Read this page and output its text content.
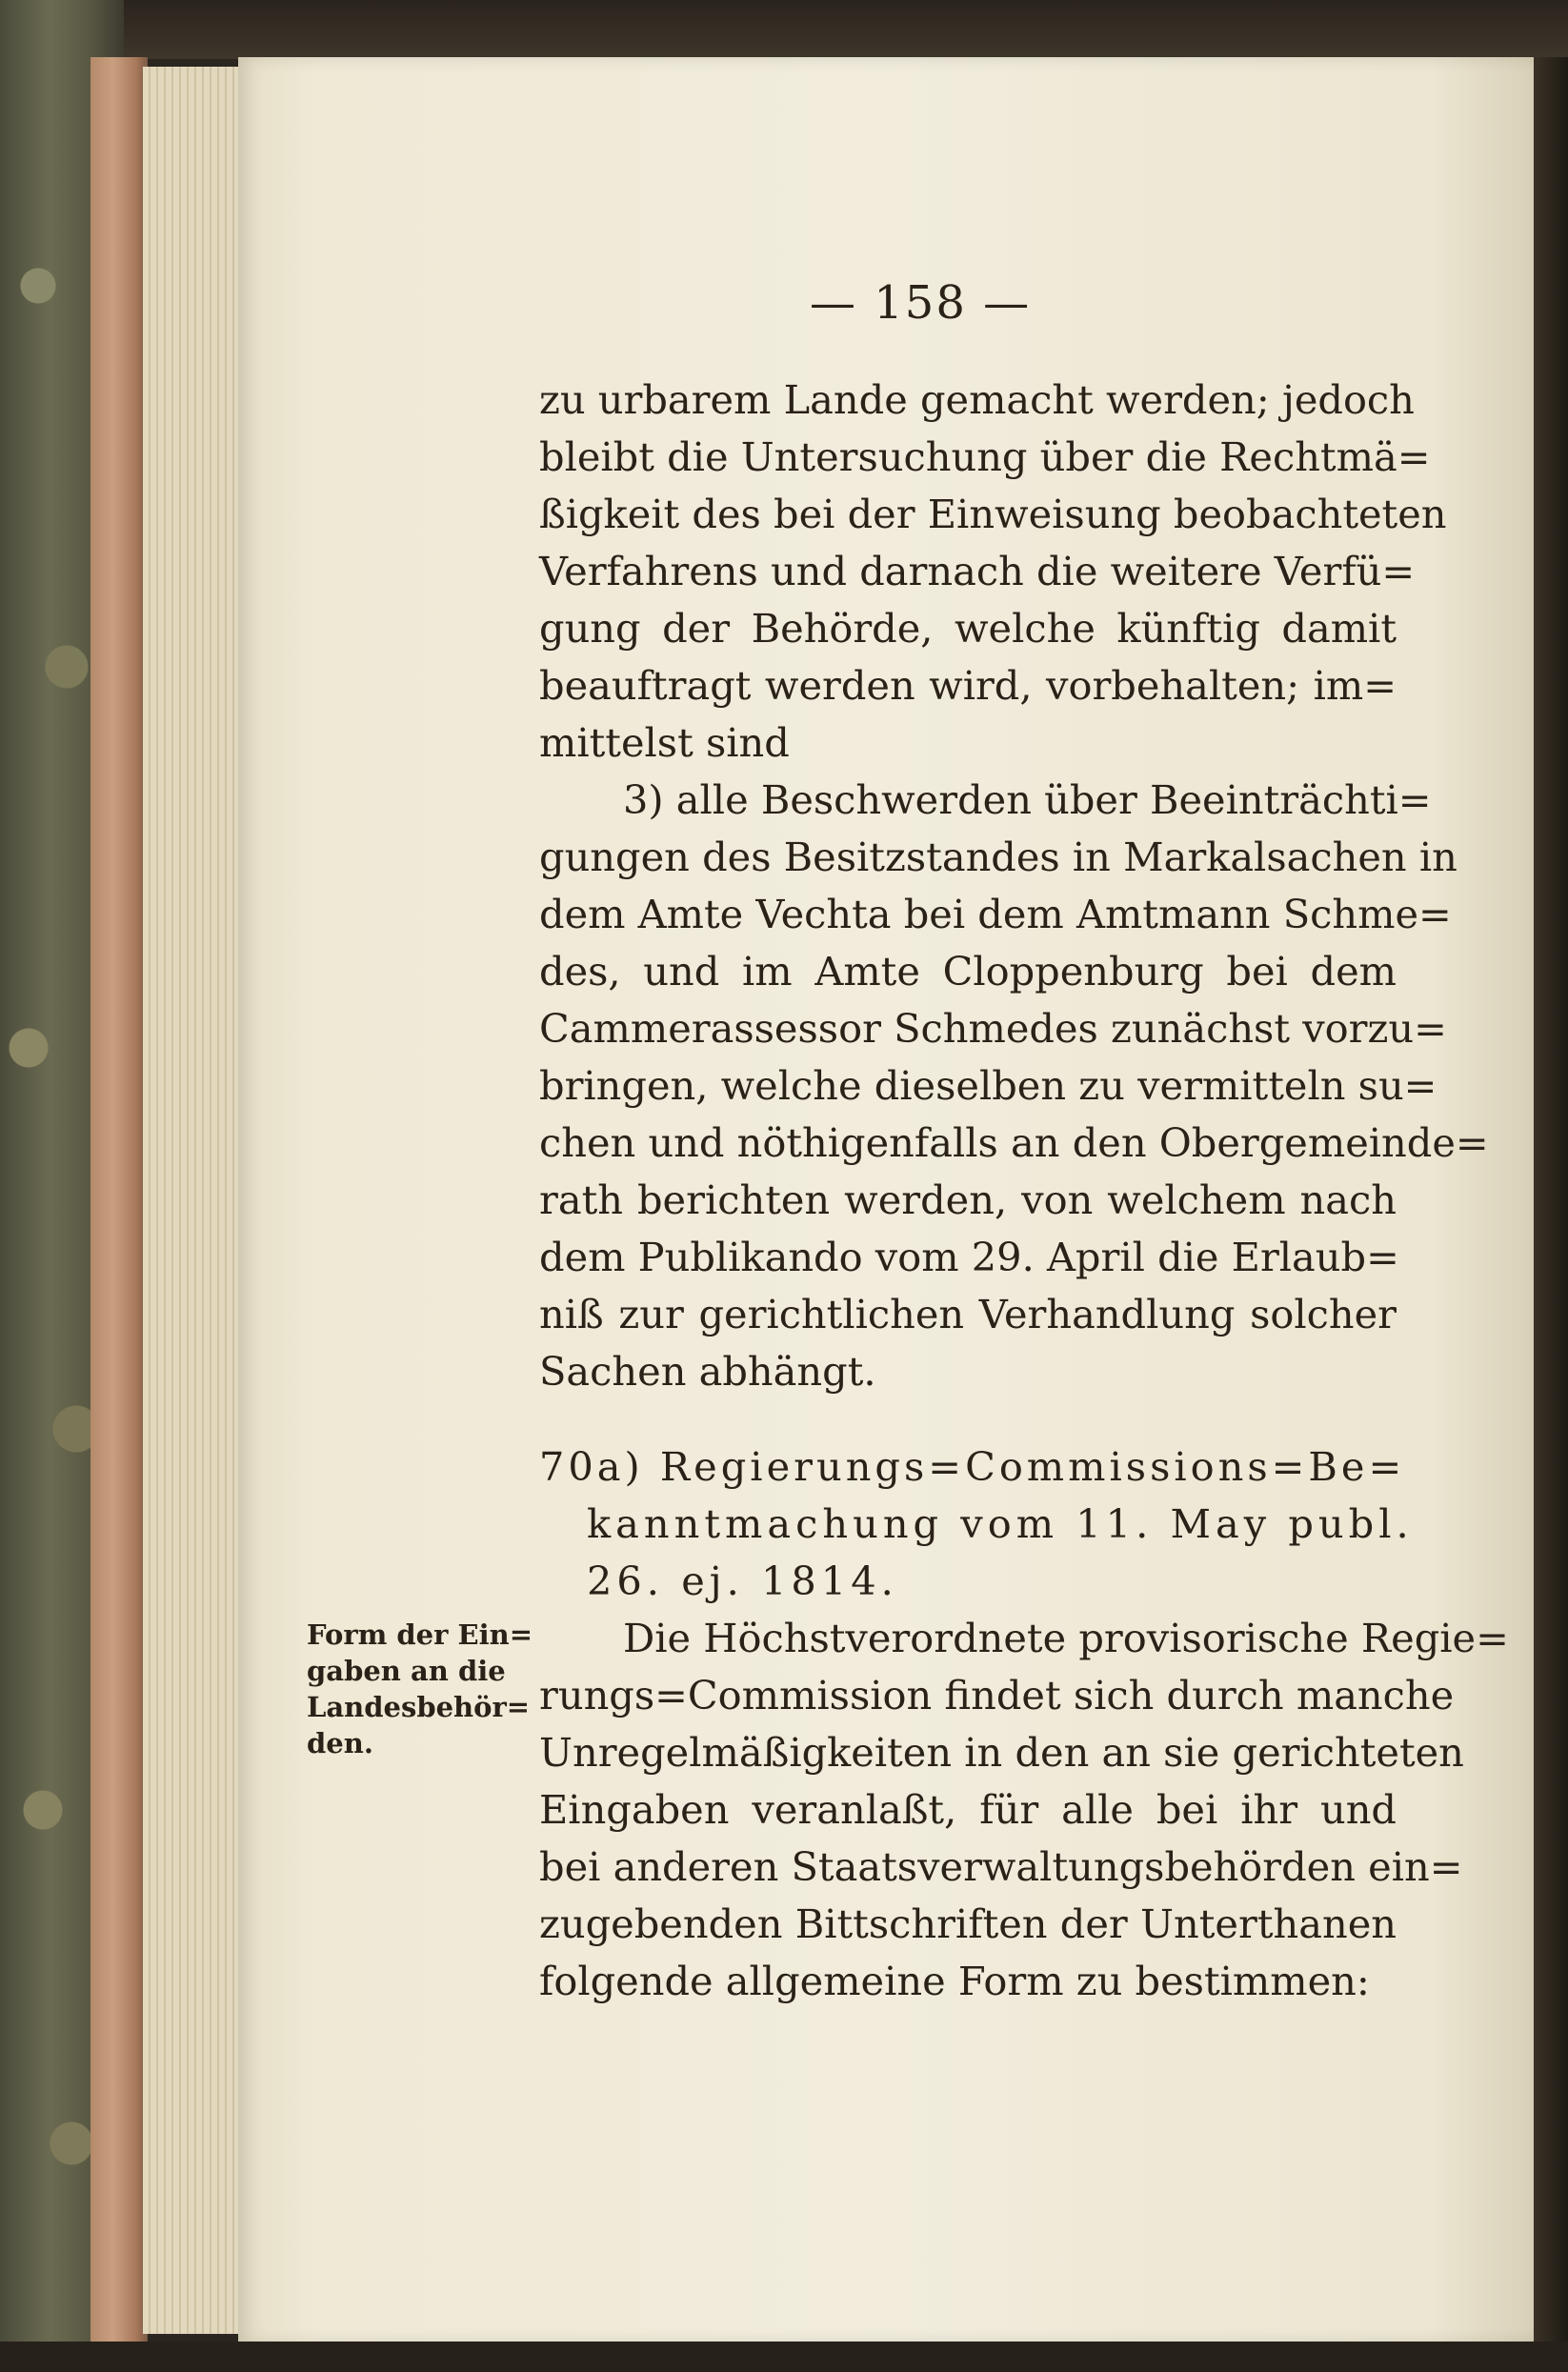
— 158 —
zu urbarem Lande gemacht werden; jedoch
bleibt die Untersuchung über die Rechtmä=
ßigkeit des bei der Einweisung beobachteten
Verfahrens und darnach die weitere Verfü=
gung der Behörde, welche künftig damit
beauftragt werden wird, vorbehalten; im=
mittelst sind
3) alle Beschwerden über Beeinträchti=
gungen des Besitzstandes in Markalsachen in
dem Amte Vechta bei dem Amtmann Schme=
des, und im Amte Cloppenburg bei dem
Cammerassessor Schmedes zunächst vorzu=
bringen, welche dieselben zu vermitteln su=
chen und nöthigenfalls an den Obergemeinde=
rath berichten werden, von welchem nach
dem Publikando vom 29. April die Erlaub=
niß zur gerichtlichen Verhandlung solcher
Sachen abhängt.
70a) Regierungs=Commissions=Be=
kanntmachung vom 11. May publ.
26. ej. 1814.
Form der Ein=
gaben an die
Landesbehör=
den.
Die Höchstverordnete provisorische Regie=
rungs=Commission findet sich durch manche
Unregelmäßigkeiten in den an sie gerichteten
Eingaben veranlaßt, für alle bei ihr und
bei anderen Staatsverwaltungsbehörden ein=
zugebenden Bittschriften der Unterthanen
folgende allgemeine Form zu bestimmen:
